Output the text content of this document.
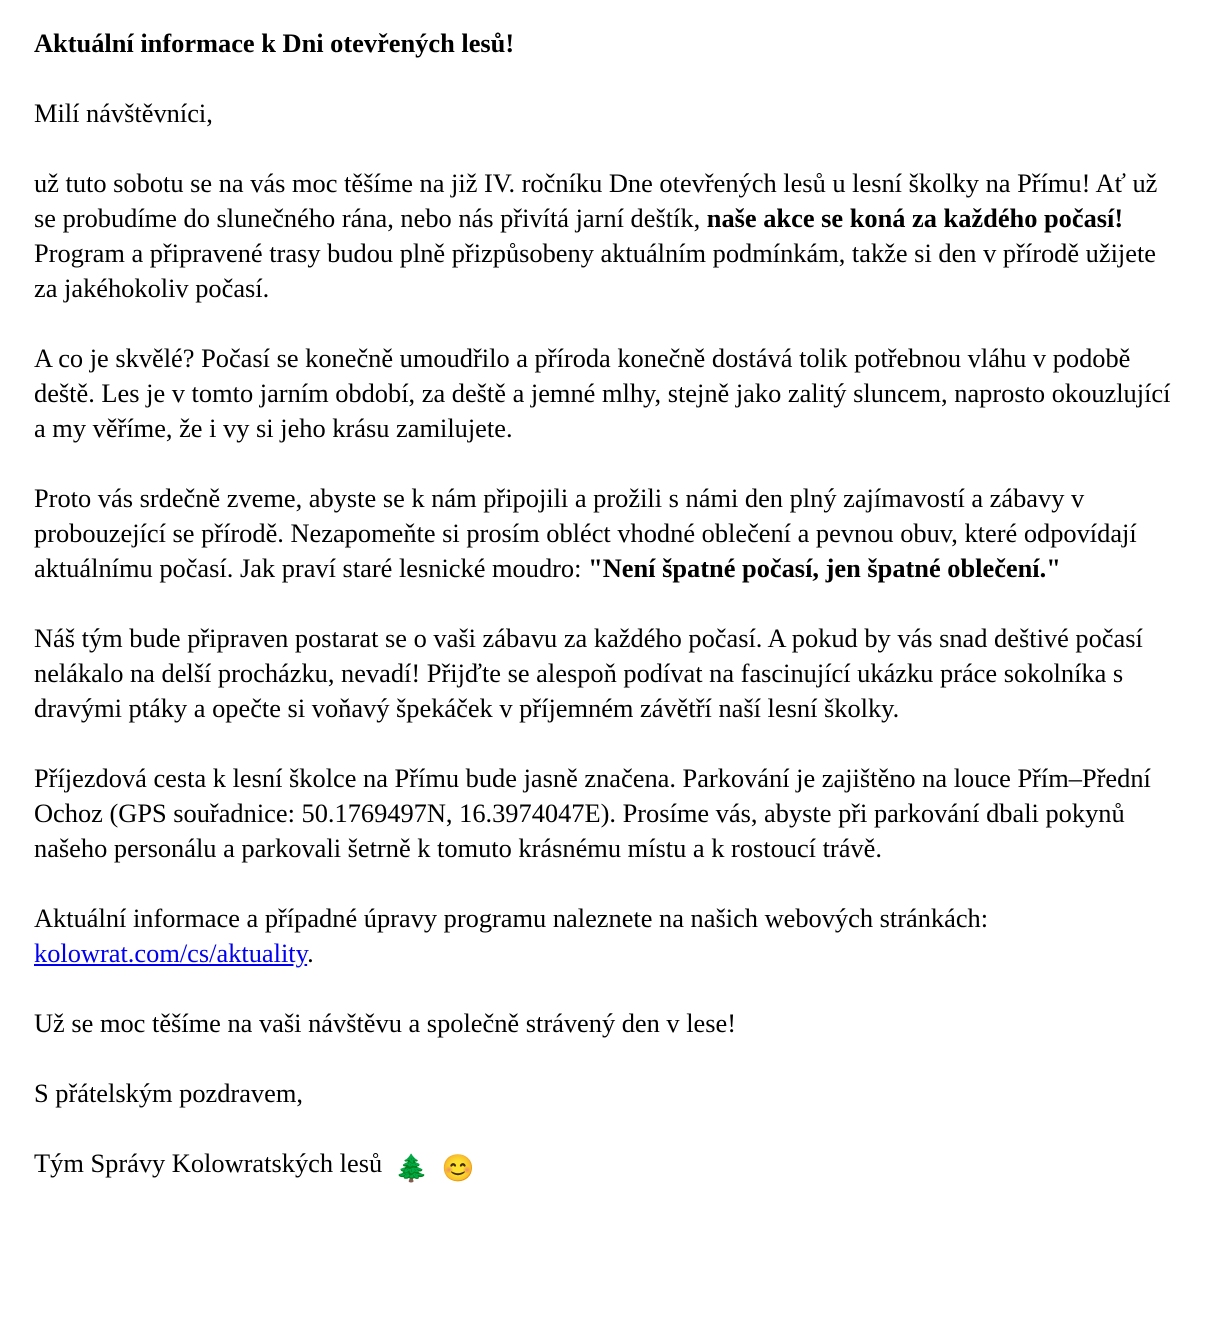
Aktuální informace k Dni otevřených lesů!

Milí návštěvníci,

už tuto sobotu se na vás moc těšíme na již IV. ročníku Dne otevřených lesů u lesní školky na Přímu! Ať už se probudíme do slunečného rána, nebo nás přivítá jarní deštík, naše akce se koná za každého počasí! Program a připravené trasy budou plně přizpůsobeny aktuálním podmínkám, takže si den v přírodě užijete za jakéhokoliv počasí.

A co je skvělé? Počasí se konečně umoudřilo a příroda konečně dostává tolik potřebnou vláhu v podobě deště. Les je v tomto jarním období, za deště a jemné mlhy, stejně jako zalitý sluncem, naprosto okouzlující a my věříme, že i vy si jeho krásu zamilujete.

Proto vás srdečně zveme, abyste se k nám připojili a prožili s námi den plný zajímavostí a zábavy v probouzející se přírodě. Nezapomeňte si prosím obléct vhodné oblečení a pevnou obuv, které odpovídají aktuálnímu počasí. Jak praví staré lesnické moudro: "Není špatné počasí, jen špatné oblečení."

Náš tým bude připraven postarat se o vaši zábavu za každého počasí. A pokud by vás snad deštivé počasí nelákalo na delší procházku, nevadí! Přijďte se alespoň podívat na fascinující ukázku práce sokolníka s dravými ptáky a opečte si voňavý špekáček v příjemném závětří naší lesní školky.

Příjezdová cesta k lesní školce na Přímu bude jasně značena. Parkování je zajištěno na louce Přím–Přední Ochoz (GPS souřadnice: 50.1769497N, 16.3974047E). Prosíme vás, abyste při parkování dbali pokynů našeho personálu a parkovali šetrně k tomuto krásnému místu a k rostoucí trávě.

Aktuální informace a případné úpravy programu naleznete na našich webových stránkách: kolowrat.com/cs/aktuality.

Už se moc těšíme na vaši návštěvu a společně strávený den v lese!

S přátelským pozdravem,

Tým Správy Kolowratských lesů 🌲 😊
